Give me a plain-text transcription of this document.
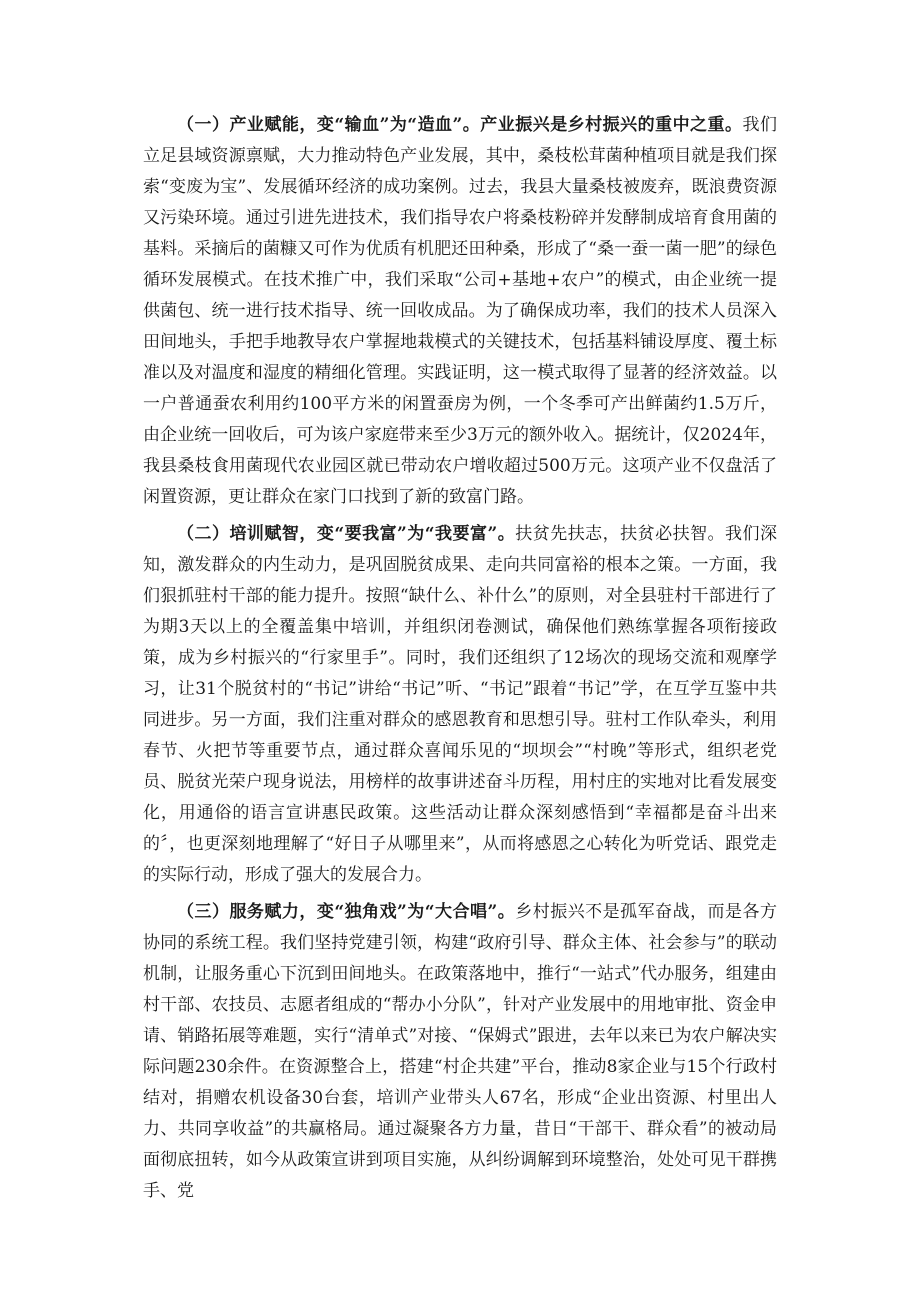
（一）产业赋能，变“输血”为“造血”。产业振兴是乡村振兴的重中之重。我们立足县域资源禀赋，大力推动特色产业发展，其中，桑枝松茸菌种植项目就是我们探索“变废为宝”、发展循环经济的成功案例。过去，我县大量桑枝被废弃，既浪费资源又污染环境。通过引进先进技术，我们指导农户将桑枝粉碎并发酵制成培育食用菌的基料。采摘后的菌糠又可作为优质有机肥还田种桑，形成了“桑一蚕一菌一肥”的绿色循环发展模式。在技术推广中，我们采取“公司+基地+农户”的模式，由企业统一提供菌包、统一进行技术指导、统一回收成品。为了确保成功率，我们的技术人员深入田间地头，手把手地教导农户掌握地栽模式的关键技术，包括基料铺设厚度、覆土标准以及对温度和湿度的精细化管理。实践证明，这一模式取得了显著的经济效益。以一户普通蚕农利用约100平方米的闲置蚕房为例，一个冬季可产出鲜菌约1.5万斤，由企业统一回收后，可为该户家庭带来至少3万元的额外收入。据统计，仅2024年，我县桑枝食用菌现代农业园区就已带动农户增收超过500万元。这项产业不仅盘活了闲置资源，更让群众在家门口找到了新的致富门路。

（二）培训赋智，变“要我富”为“我要富”。扶贫先扶志，扶贫必扶智。我们深知，激发群众的内生动力，是巩固脱贫成果、走向共同富裕的根本之策。一方面，我们狠抓驻村干部的能力提升。按照“缺什么、补什么”的原则，对全县驻村干部进行了为期3天以上的全覆盖集中培训，并组织闭卷测试，确保他们熟练掌握各项衔接政策，成为乡村振兴的“行家里手”。同时，我们还组织了12场次的现场交流和观摩学习，让31个脱贫村的“书记”讲给“书记”听、“书记”跟着“书记”学，在互学互鉴中共同进步。另一方面，我们注重对群众的感恩教育和思想引导。驻村工作队牵头，利用春节、火把节等重要节点，通过群众喜闻乐见的“坝坝会”“村晚”等形式，组织老党员、脱贫光荣户现身说法，用榜样的故事讲述奋斗历程，用村庄的实地对比看发展变化，用通俗的语言宣讲惠民政策。这些活动让群众深刻感悟到“幸福都是奋斗出来的〞，也更深刻地理解了“好日子从哪里来”，从而将感恩之心转化为听党话、跟党走的实际行动，形成了强大的发展合力。

（三）服务赋力，变“独角戏”为“大合唱”。乡村振兴不是孤军奋战，而是各方协同的系统工程。我们坚持党建引领，构建“政府引导、群众主体、社会参与”的联动机制，让服务重心下沉到田间地头。在政策落地中，推行“一站式”代办服务，组建由村干部、农技员、志愿者组成的“帮办小分队”，针对产业发展中的用地审批、资金申请、销路拓展等难题，实行“清单式”对接、“保姆式”跟进，去年以来已为农户解决实际问题230余件。在资源整合上，搭建“村企共建”平台，推动8家企业与15个行政村结对，捐赠农机设备30台套，培训产业带头人67名，形成“企业出资源、村里出人力、共同享收益”的共赢格局。通过凝聚各方力量，昔日“干部干、群众看”的被动局面彻底扭转，如今从政策宣讲到项目实施，从纠纷调解到环境整治，处处可见干群携手、党
